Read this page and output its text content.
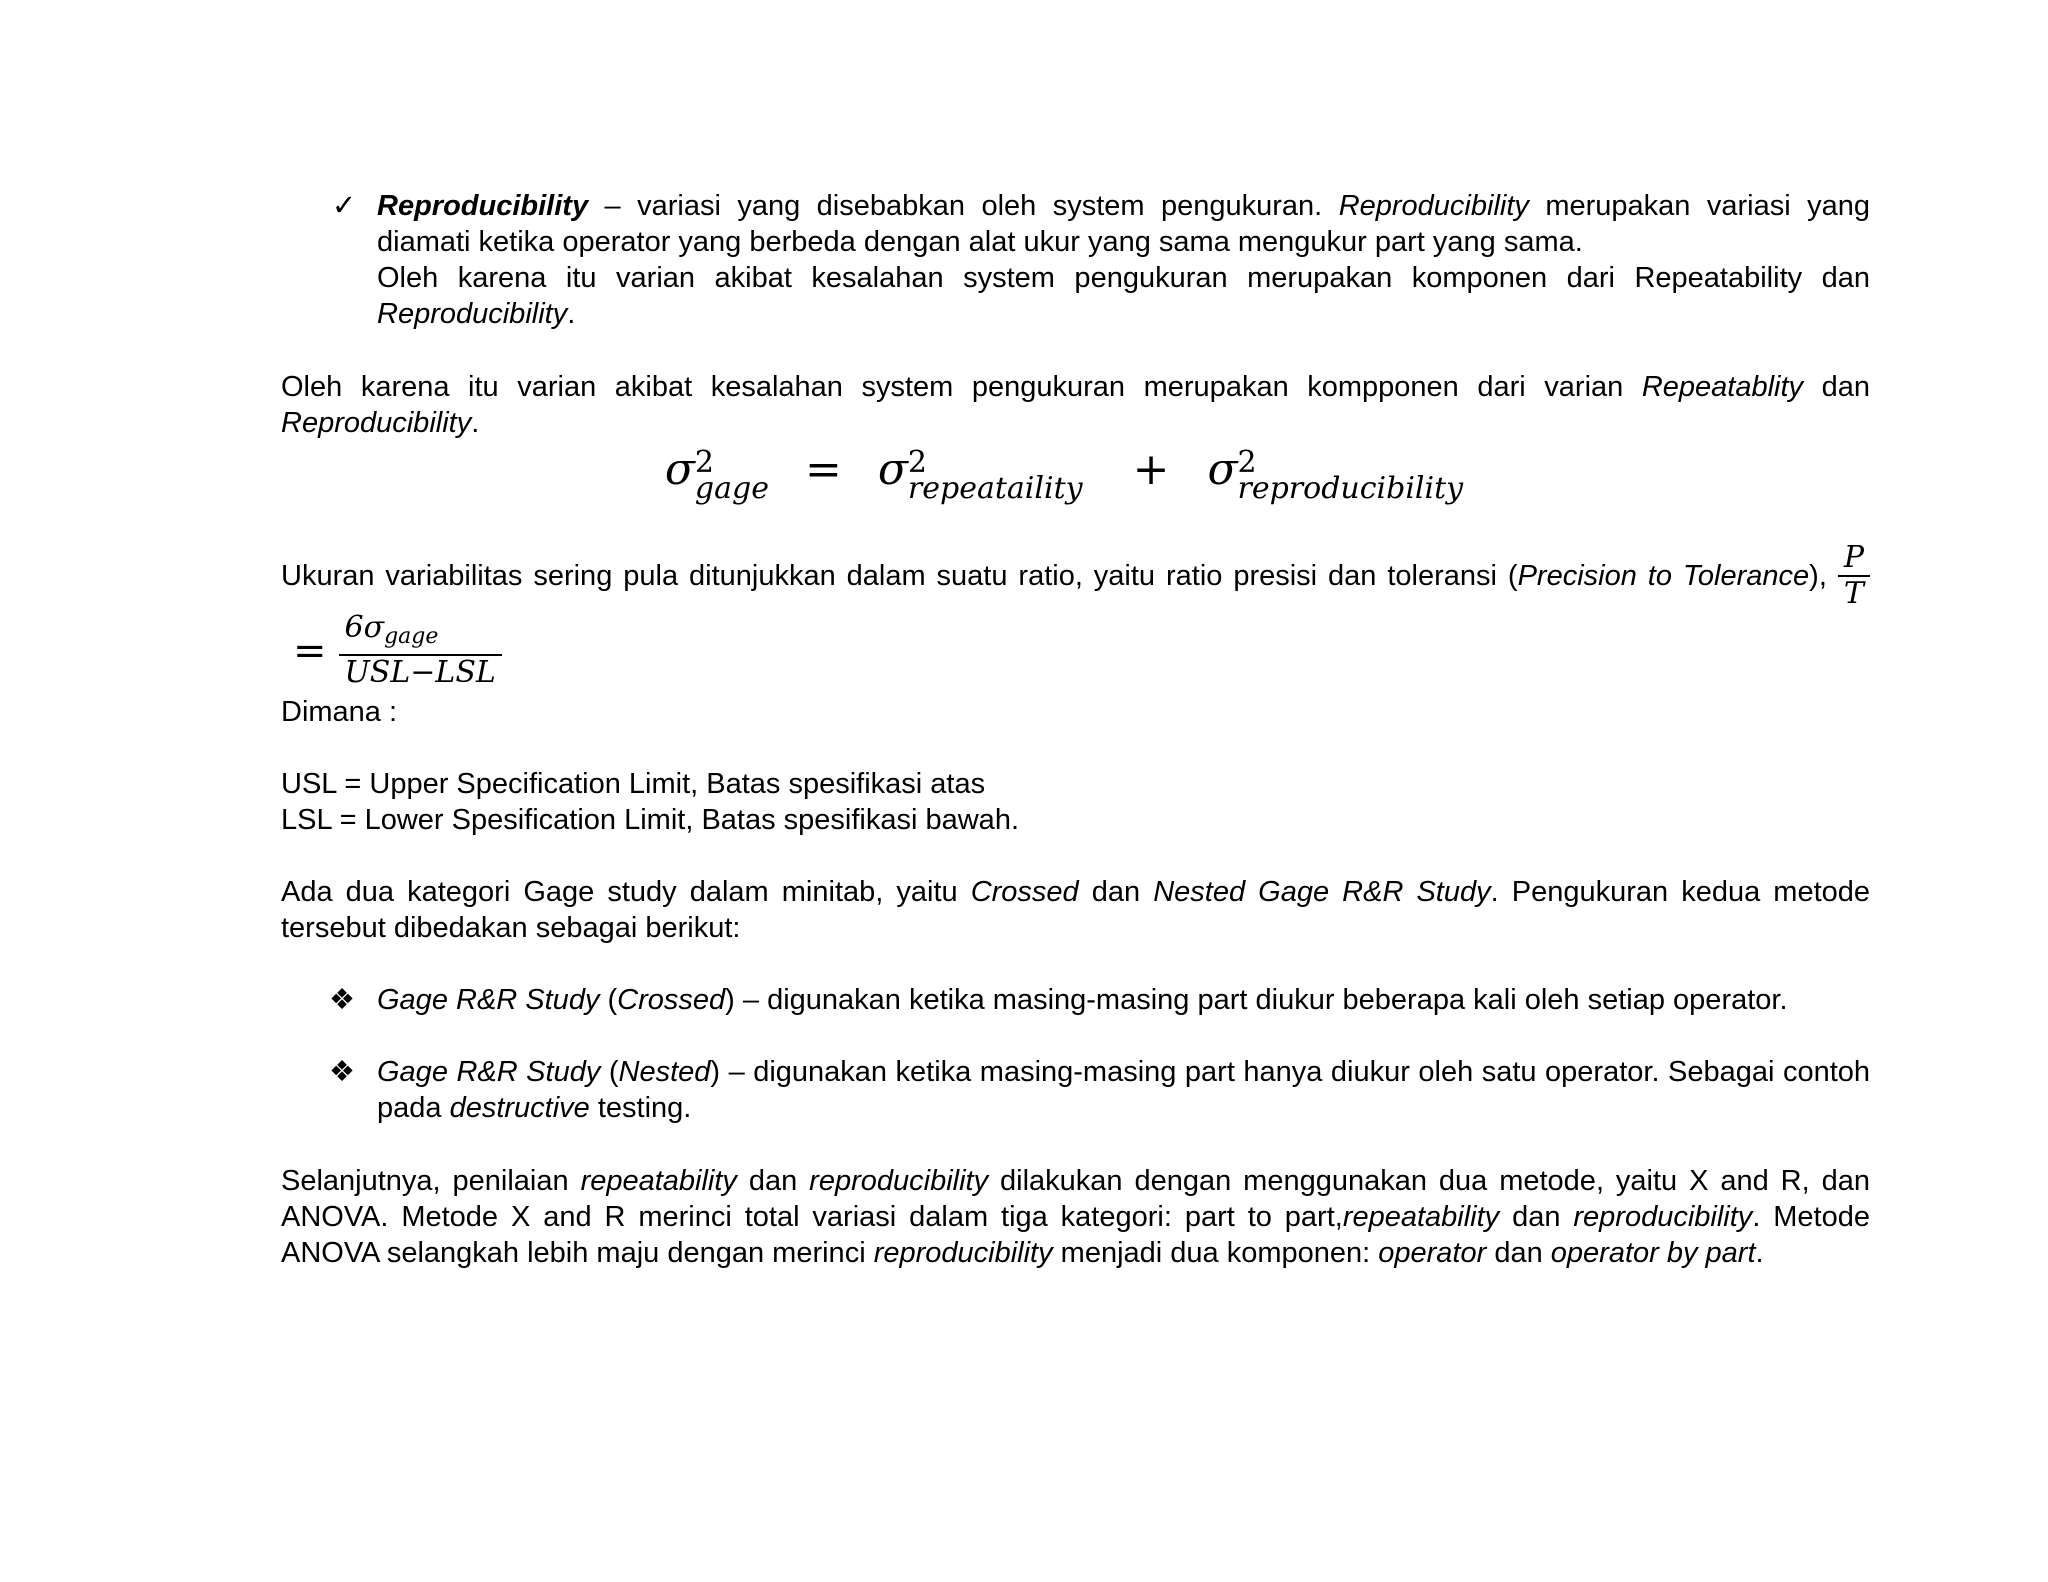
✓ Reproducibility – variasi yang disebabkan oleh system pengukuran. Reproducibility merupakan variasi yang diamati ketika operator yang berbeda dengan alat ukur yang sama mengukur part yang sama.
Oleh karena itu varian akibat kesalahan system pengukuran merupakan komponen dari Repeatability dan Reproducibility.
Oleh karena itu varian akibat kesalahan system pengukuran merupakan kompponen dari varian Repeatablity dan Reproducibility.
σ 2
gage = σ 2
repeataility + σ 2
reproducibility
Ukuran variabilitas sering pula ditunjukkan dalam suatu ratio, yaitu ratio presisi dan toleransi (Precision to Tolerance), $\frac{P}{T}$
= $\frac{6\sigma_{gage}}{\text{USL−LSL}}$
Dimana :
USL = Upper Specification Limit, Batas spesifikasi atas
LSL = Lower Spesification Limit, Batas spesifikasi bawah.
Ada dua kategori Gage study dalam minitab, yaitu Crossed dan Nested Gage R&R Study. Pengukuran kedua metode tersebut dibedakan sebagai berikut:
❖ Gage R&R Study (Crossed) – digunakan ketika masing-masing part diukur beberapa kali oleh setiap operator.
❖ Gage R&R Study (Nested) – digunakan ketika masing-masing part hanya diukur oleh satu operator. Sebagai contoh pada destructive testing.
Selanjutnya, penilaian repeatability dan reproducibility dilakukan dengan menggunakan dua metode, yaitu X and R, dan ANOVA. Metode X and R merinci total variasi dalam tiga kategori: part to part,repeatability dan reproducibility. Metode ANOVA selangkah lebih maju dengan merinci reproducibility menjadi dua komponen: operator dan operator by part.
